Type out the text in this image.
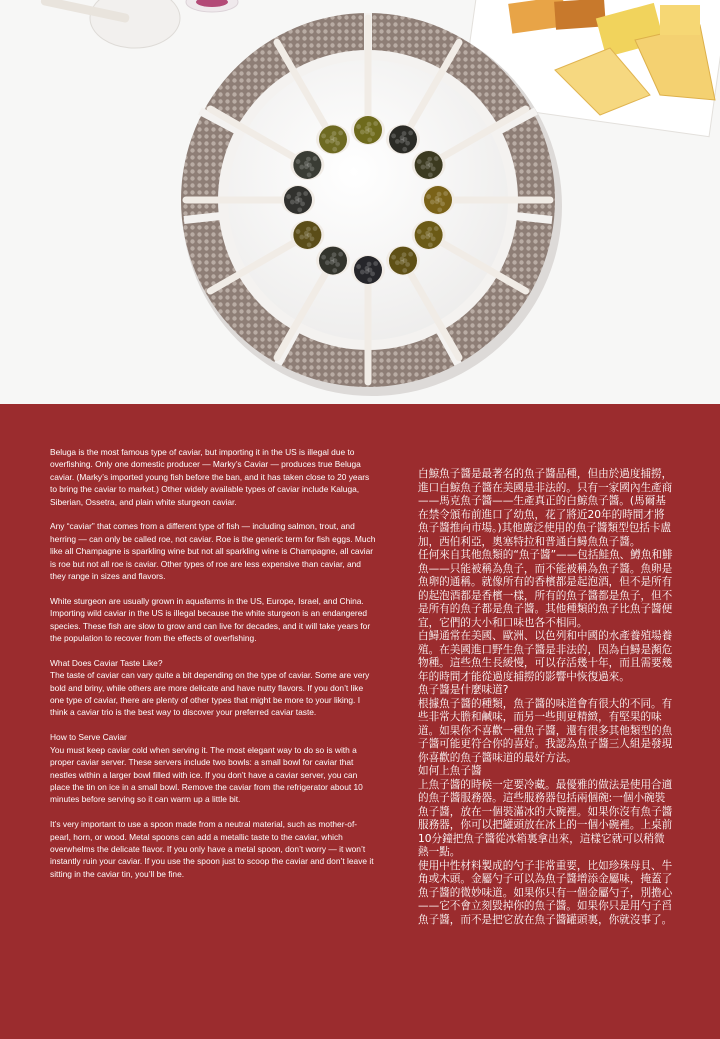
Beluga is the most famous type of caviar, but importing it in the US is illegal due to overfishing. Only one domestic producer — Marky’s Caviar — produces true Beluga caviar. (Marky’s imported young fish before the ban, and it has taken close to 20 years to bring the caviar to market.) Other widely available types of caviar include Kaluga, Siberian, Ossetra, and plain white sturgeon caviar.

Any “caviar” that comes from a different type of fish — including salmon, trout, and herring — can only be called roe, not caviar. Roe is the generic term for fish eggs. Much like all Champagne is sparkling wine but not all sparkling wine is Champagne, all caviar is roe but not all roe is caviar. Other types of roe are less expensive than caviar, and they range in sizes and flavors.

White sturgeon are usually grown in aquafarms in the US, Europe, Israel, and China. Importing wild caviar in the US is illegal because the white sturgeon is an endangered species. These fish are slow to grow and can live for decades, and it will take years for the population to recover from the effects of overfishing.

What Does Caviar Taste Like?
The taste of caviar can vary quite a bit depending on the type of caviar. Some are very bold and briny, while others are more delicate and have nutty flavors. If you don’t like one type of caviar, there are plenty of other types that might be more to your liking. I think a caviar trio is the best way to discover your preferred caviar taste.

How to Serve Caviar
You must keep caviar cold when serving it. The most elegant way to do so is with a proper caviar server. These servers include two bowls: a small bowl for caviar that nestles within a larger bowl filled with ice. If you don’t have a caviar server, you can place the tin on ice in a small bowl. Remove the caviar from the refrigerator about 10 minutes before serving so it can warm up a little bit.

It’s very important to use a spoon made from a neutral material, such as mother-of-pearl, horn, or wood. Metal spoons can add a metallic taste to the caviar, which overwhelms the delicate flavor. If you only have a metal spoon, don’t worry — it won’t instantly ruin your caviar. If you use the spoon just to scoop the caviar and don’t leave it sitting in the caviar tin, you’ll be fine.

白鯨魚子醬是最著名的魚子醬品種，但由於過度捕撈，進口白鯨魚子醬在美國是非法的。只有一家國內生產商——馬克魚子醬——生產真正的白鯨魚子醬。(馬爾基在禁令頒布前進口了幼魚，花了將近20年的時間才將魚子醬推向市場。)其他廣泛使用的魚子醬類型包括卡盧加，西伯利亞，奧塞特拉和普通白鱘魚魚子醬。

任何來自其他魚類的“魚子醬”——包括鮭魚、鱒魚和鯡魚——只能被稱為魚子，而不能被稱為魚子醬。魚卵是魚卵的通稱。就像所有的香檳都是起泡酒，但不是所有的起泡酒都是香檳一樣，所有的魚子醬都是魚子，但不是所有的魚子都是魚子醬。其他種類的魚子比魚子醬便宜，它們的大小和口味也各不相同。

白鱘通常在美國、歐洲、以色列和中國的水產養殖場養殖。在美國進口野生魚子醬是非法的，因為白鱘是瀕危物種。這些魚生長緩慢，可以存活幾十年，而且需要幾年的時間才能從過度捕撈的影響中恢復過來。

魚子醬是什麼味道?

根據魚子醬的種類，魚子醬的味道會有很大的不同。有些非常大膽和鹹味，而另一些則更精緻，有堅果的味道。如果你不喜歡一種魚子醬，還有很多其他類型的魚子醬可能更符合你的喜好。我認為魚子醬三人組是發現你喜歡的魚子醬味道的最好方法。

如何上魚子醬

上魚子醬的時候一定要冷藏。最優雅的做法是使用合適的魚子醬服務器。這些服務器包括兩個碗:一個小碗裝魚子醬，放在一個裝滿冰的大碗裡。如果你沒有魚子醬服務器，你可以把罐頭放在冰上的一個小碗裡。上桌前10分鐘把魚子醬從冰箱裏拿出來，這樣它就可以稍微熱一點。

使用中性材料製成的勺子非常重要，比如珍珠母貝、牛角或木頭。金屬勺子可以為魚子醬增添金屬味，掩蓋了魚子醬的微妙味道。如果你只有一個金屬勺子，別擔心——它不會立刻毀掉你的魚子醬。如果你只是用勺子舀魚子醬，而不是把它放在魚子醬罐頭裏，你就沒事了。
